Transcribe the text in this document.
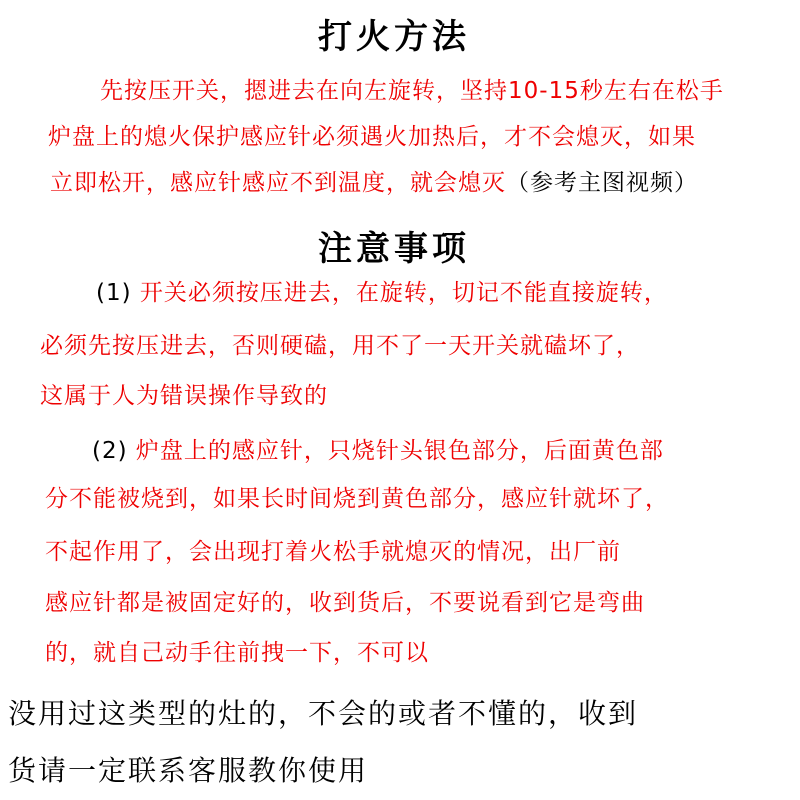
打火方法
先按压开关，摁进去在向左旋转，坚持10-15秒左右在松手
炉盘上的熄火保护感应针必须遇火加热后，才不会熄灭，如果
立即松开，感应针感应不到温度，就会熄灭（参考主图视频）
注意事项
(1) 开关必须按压进去，在旋转，切记不能直接旋转，
必须先按压进去，否则硬磕，用不了一天开关就磕坏了，
这属于人为错误操作导致的
(2) 炉盘上的感应针，只烧针头银色部分，后面黄色部
分不能被烧到，如果长时间烧到黄色部分，感应针就坏了，
不起作用了，会出现打着火松手就熄灭的情况，出厂前
感应针都是被固定好的，收到货后，不要说看到它是弯曲
的，就自己动手往前拽一下，不可以
没用过这类型的灶的，不会的或者不懂的，收到
货请一定联系客服教你使用
